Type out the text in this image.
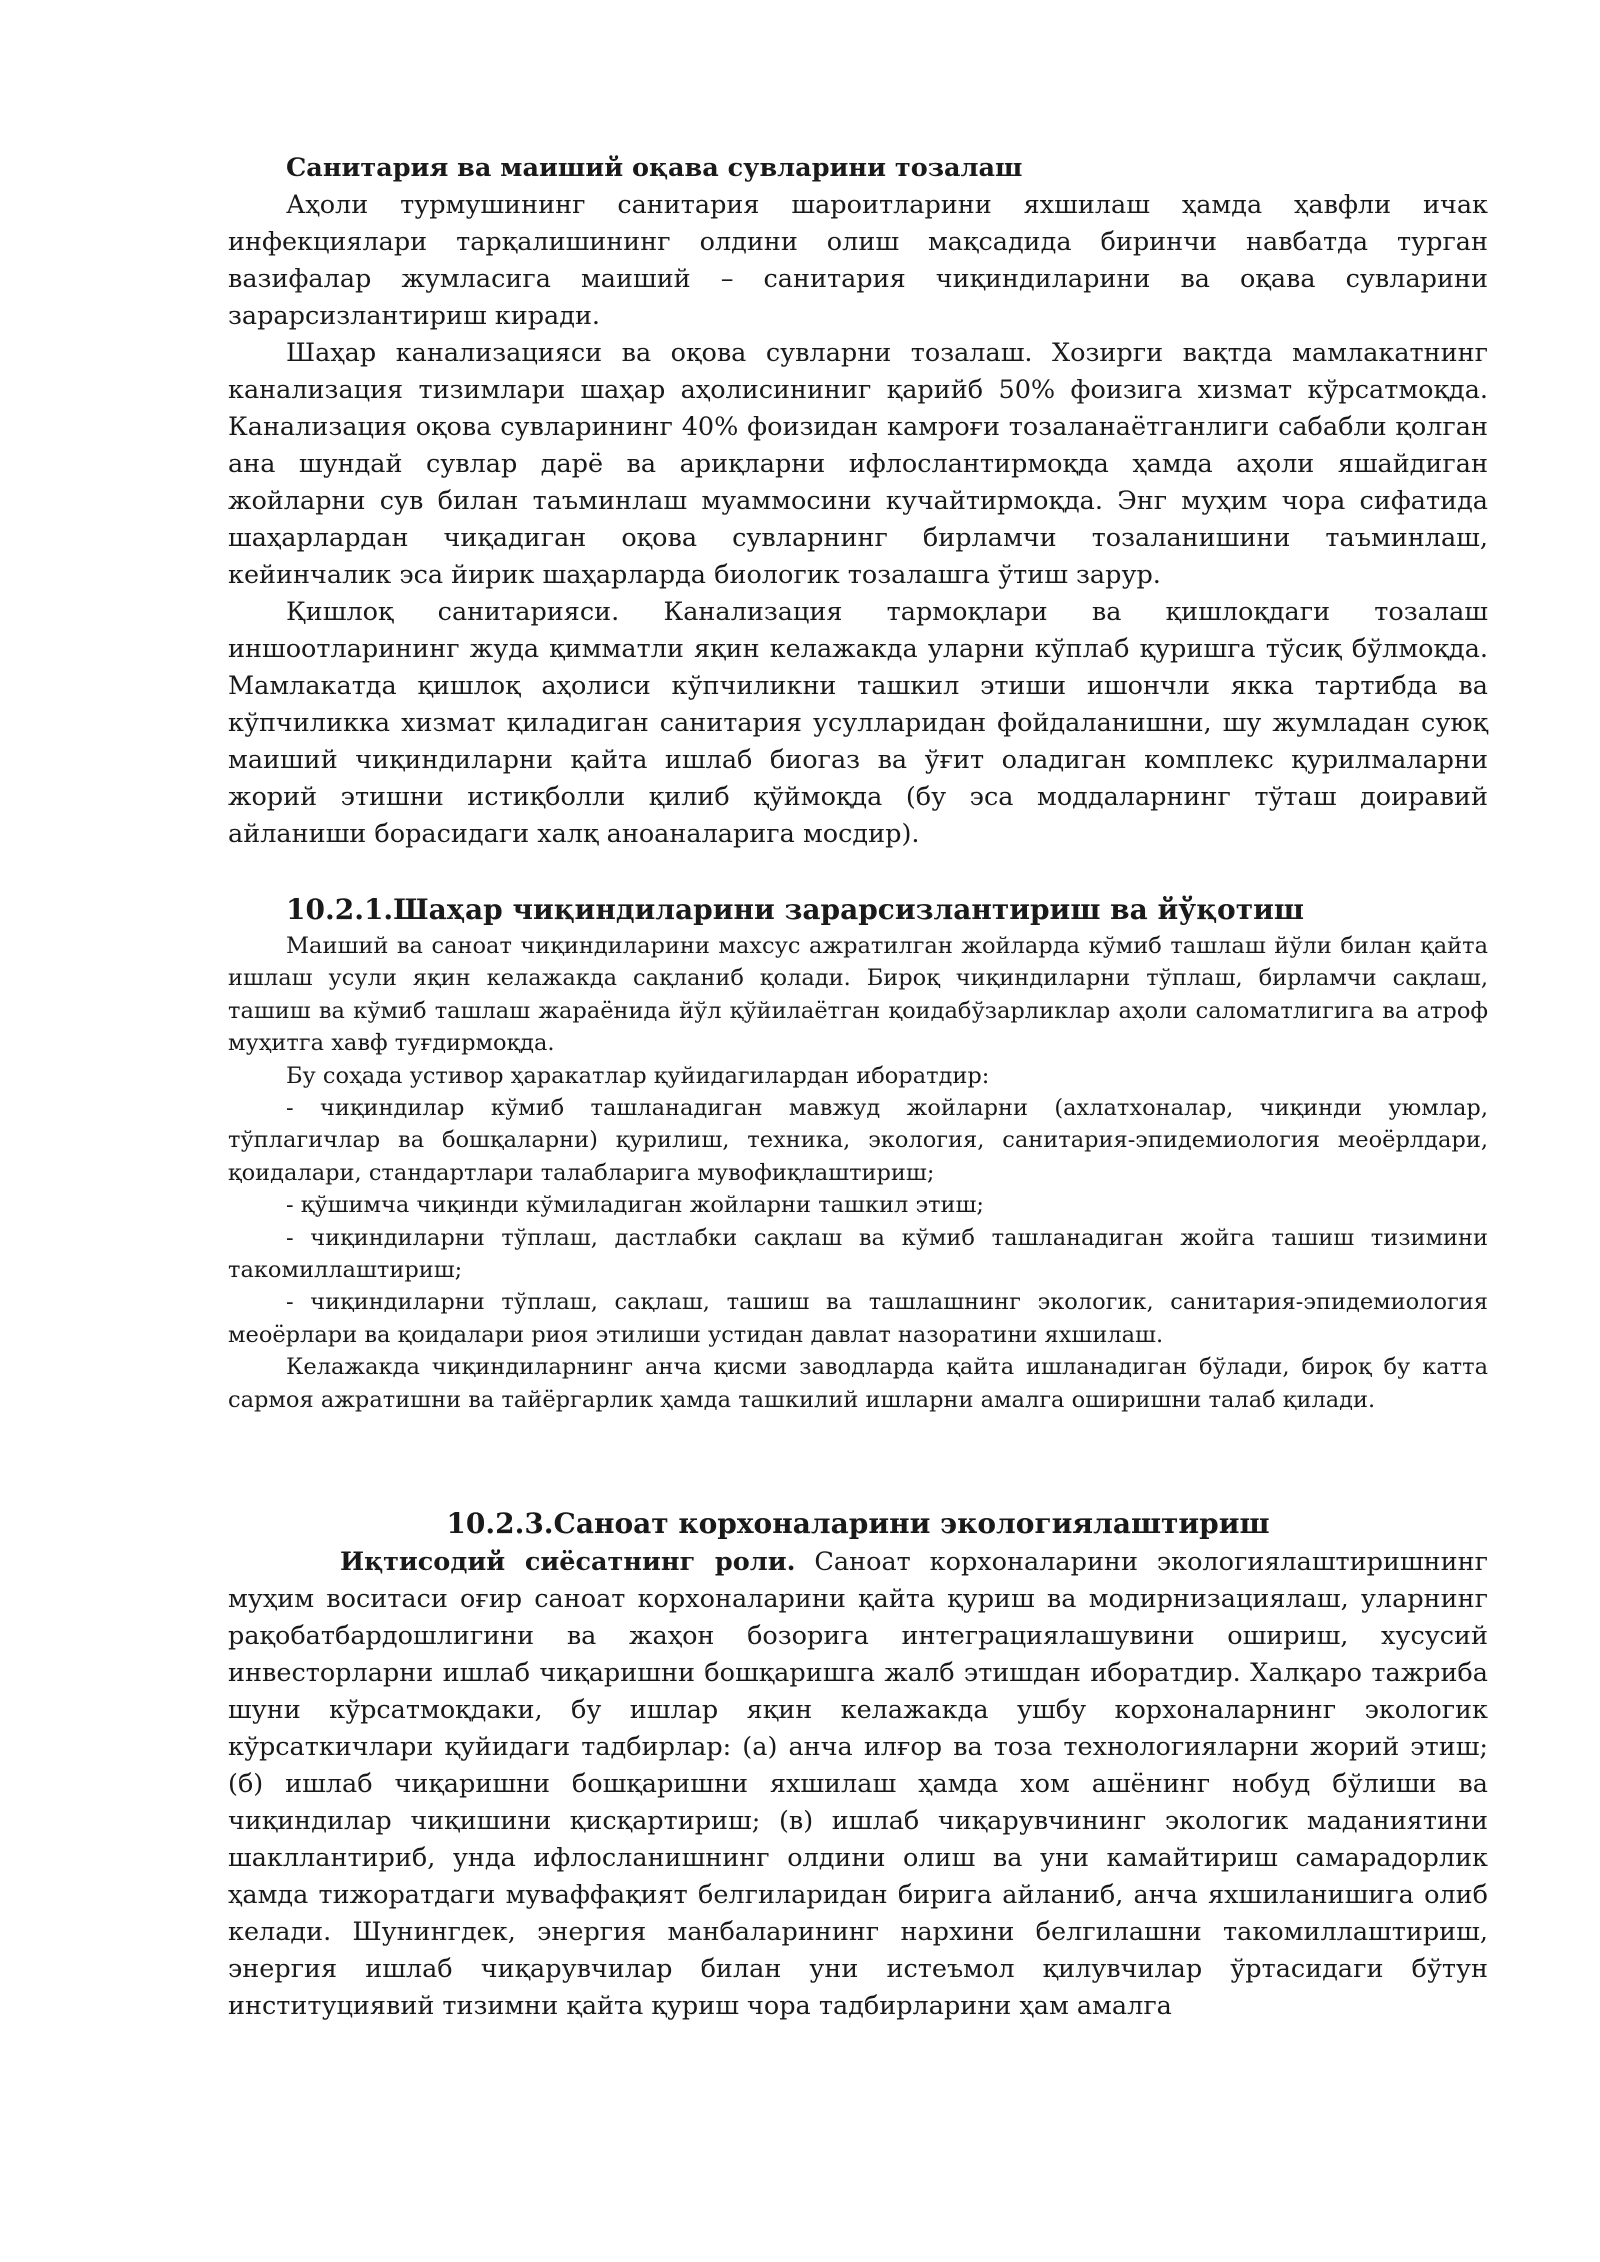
Санитария ва маиший оқава сувларини тозалаш

Аҳоли турмушининг санитария шароитларини яхшилаш ҳамда ҳавфли ичак инфекциялари тарқалишининг олдини олиш мақсадида биринчи навбатда турган вазифалар жумласига маиший – санитария чиқиндиларини ва оқава сувларини зарарсизлантириш киради.

Шаҳар канализацияси ва оқова сувларни тозалаш. Хозирги вақтда мамлакатнинг канализация тизимлари шаҳар аҳолисининиг қарийб 50% фоизига хизмат кўрсатмоқда. Канализация оқова сувларининг 40% фоизидан камроғи тозаланаётганлиги сабабли қолган ана шундай сувлар дарё ва ариқларни ифлослантирмоқда ҳамда аҳоли яшайдиган жойларни сув билан таъминлаш муаммосини кучайтирмоқда. Энг муҳим чора сифатида шаҳарлардан чиқадиган оқова сувларнинг бирламчи тозаланишини таъминлаш, кейинчалик эса йирик шаҳарларда биологик тозалашга ўтиш зарур.

Қишлоқ санитарияси. Канализация тармоқлари ва қишлоқдаги тозалаш иншоотларининг жуда қимматли яқин келажакда уларни кўплаб қуришга тўсиқ бўлмоқда. Мамлакатда қишлоқ аҳолиси кўпчиликни ташкил этиши ишончли якка тартибда ва кўпчиликка хизмат қиладиган санитария усулларидан фойдаланишни, шу жумладан суюқ маиший чиқиндиларни қайта ишлаб биогаз ва ўғит оладиган комплекс қурилмаларни жорий этишни истиқболли қилиб қўймоқда (бу эса моддаларнинг тўташ доиравий айланиши борасидаги халқ аноаналарига мосдир).

10.2.1.Шаҳар чиқиндиларини зарарсизлантириш ва йўқотиш

Маиший ва саноат чиқиндиларини махсус ажратилган жойларда кўмиб ташлаш йўли билан қайта ишлаш усули яқин келажакда сақланиб қолади. Бироқ чиқиндиларни тўплаш, бирламчи сақлаш, ташиш ва кўмиб ташлаш жараёнида йўл қўйилаётган қоидабўзарликлар аҳоли саломатлигига ва атроф муҳитга хавф туғдирмоқда.

Бу соҳада устивор ҳаракатлар қуйидагилардан иборатдир:

- чиқиндилар кўмиб ташланадиган мавжуд жойларни (ахлатхоналар, чиқинди уюмлар, тўплагичлар ва бошқаларни) қурилиш, техника, экология, санитария-эпидемиология меоёрлдари, қоидалари, стандартлари талабларига мувофиқлаштириш;

- қўшимча чиқинди кўмиладиган жойларни ташкил этиш;

- чиқиндиларни тўплаш, дастлабки сақлаш ва кўмиб ташланадиган жойга ташиш тизимини такомиллаштириш;

- чиқиндиларни тўплаш, сақлаш, ташиш ва ташлашнинг экологик, санитария-эпидемиология меоёрлари ва қоидалари риоя этилиши устидан давлат назоратини яхшилаш.

Келажакда чиқиндиларнинг анча қисми заводларда қайта ишланадиган бўлади, бироқ бу катта сармоя ажратишни ва тайёргарлик ҳамда ташкилий ишларни амалга оширишни талаб қилади.

10.2.3.Саноат корхоналарини экологиялаштириш

Иқтисодий сиёсатнинг роли. Саноат корхоналарини экологиялаштиришнинг муҳим воситаси оғир саноат корхоналарини қайта қуриш ва модирнизациялаш, уларнинг рақобатбардошлигини ва жаҳон бозорига интеграциялашувини ошириш, хусусий инвесторларни ишлаб чиқаришни бошқаришга жалб этишдан иборатдир. Халқаро тажриба шуни кўрсатмоқдаки, бу ишлар яқин келажакда ушбу корхоналарнинг экологик кўрсаткичлари қуйидаги тадбирлар: (а) анча илғор ва тоза технологияларни жорий этиш; (б) ишлаб чиқаришни бошқаришни яхшилаш ҳамда хом ашёнинг нобуд бўлиши ва чиқиндилар чиқишини қисқартириш; (в) ишлаб чиқарувчининг экологик маданиятини шакллантириб, унда ифлосланишнинг олдини олиш ва уни камайтириш самарадорлик ҳамда тижоратдаги муваффақият белгиларидан бирига айланиб, анча яхшиланишига олиб келади. Шунингдек, энергия манбаларининг нархини белгилашни такомиллаштириш, энергия ишлаб чиқарувчилар билан уни истеъмол қилувчилар ўртасидаги бўтун институциявий тизимни қайта қуриш чора тадбирларини ҳам амалга
